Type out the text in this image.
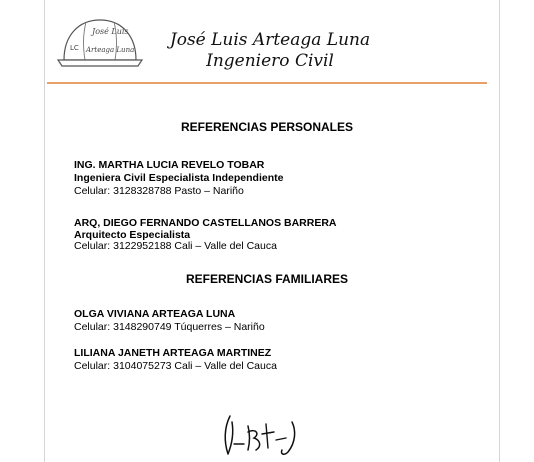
José Luis
LC Arteaga Luna	José Luis Arteaga Luna
Ingeniero Civil
REFERENCIAS PERSONALES
ING. MARTHA LUCIA REVELO TOBAR
Ingeniera Civil Especialista Independiente
Celular: 3128328788 Pasto – Nariño
ARQ, DIEGO FERNANDO CASTELLANOS BARRERA
Arquitecto Especialista
Celular: 3122952188 Cali – Valle del Cauca
REFERENCIAS FAMILIARES
OLGA VIVIANA ARTEAGA LUNA
Celular: 3148290749 Túquerres – Nariño
LILIANA JANETH ARTEAGA MARTINEZ
Celular: 3104075273 Cali – Valle del Cauca
